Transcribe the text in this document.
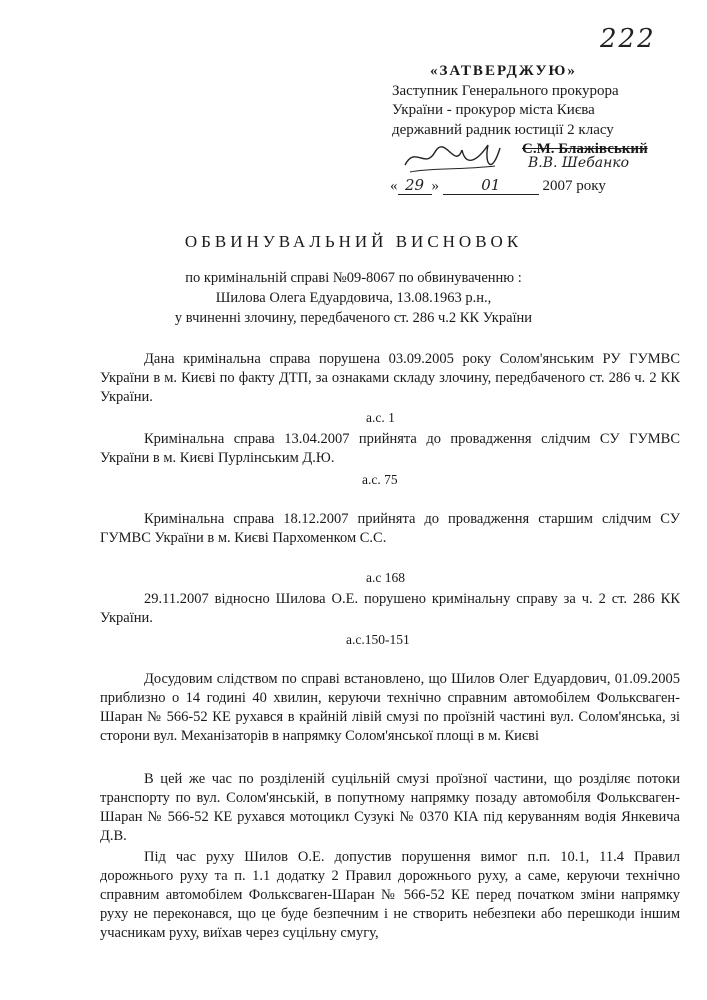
222
«ЗАТВЕРДЖУЮ»
Заступник Генерального прокурора
України - прокурор міста Києва
державний радник юстиції 2 класу
С.М. Блажівський
В.В. Шебанко
« 29 »	01	2007 року
ОБВИНУВАЛЬНИЙ ВИСНОВОК
по кримінальній справі №09-8067 по обвинуваченню :
Шилова Олега Едуардовича, 13.08.1963 р.н.,
у вчиненні злочину, передбаченого ст. 286 ч.2 КК України
Дана кримінальна справа порушена 03.09.2005 року Солом'янським РУ ГУМВС України в м. Києві по факту ДТП, за ознаками складу злочину, передбаченого ст. 286 ч. 2 КК України.
а.с. 1
Кримінальна справа 13.04.2007 прийнята до провадження слідчим СУ ГУМВС України в м. Києві Пурлінським Д.Ю.
а.с. 75
Кримінальна справа 18.12.2007 прийнята до провадження старшим слідчим СУ ГУМВС України в м. Києві Пархоменком С.С.
а.с 168
29.11.2007 відносно Шилова О.Е. порушено кримінальну справу за ч. 2 ст. 286 КК України.
а.с.150-151
Досудовим слідством по справі встановлено, що Шилов Олег Едуардович, 01.09.2005 приблизно о 14 годині 40 хвилин, керуючи технічно справним автомобілем Фольксваген-Шаран № 566-52 КЕ рухався в крайній лівій смузі по проїзній частині вул. Солом'янська, зі сторони вул. Механізаторів в напрямку Солом'янської площі в м. Києві
В цей же час по розділеній суцільній смузі проїзної частини, що розділяє потоки транспорту по вул. Солом'янській, в попутному напрямку позаду автомобіля Фольксваген-Шаран № 566-52 КЕ рухався мотоцикл Сузукі № 0370 КІА під керуванням водія Янкевича Д.В.
Під час руху Шилов О.Е. допустив порушення вимог п.п. 10.1, 11.4 Правил дорожнього руху та п. 1.1 додатку 2 Правил дорожнього руху, а саме, керуючи технічно справним автомобілем Фольксваген-Шаран № 566-52 КЕ перед початком зміни напрямку руху не переконався, що це буде безпечним і не створить небезпеки або перешкоди іншим учасникам руху, виїхав через суцільну смугу,
